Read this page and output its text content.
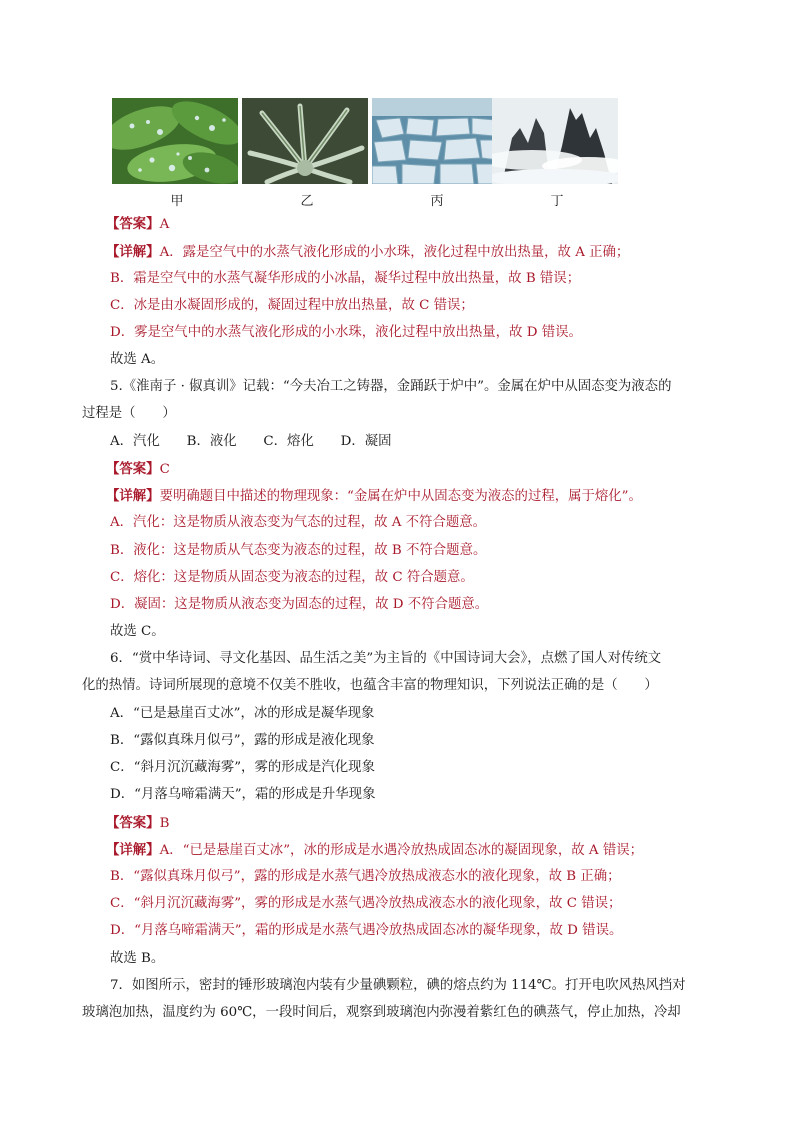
甲	乙	丙	丁
【答案】A
【详解】A．露是空气中的水蒸气液化形成的小水珠，液化过程中放出热量，故 A 正确；
B．霜是空气中的水蒸气凝华形成的小冰晶，凝华过程中放出热量，故 B 错误；
C．冰是由水凝固形成的，凝固过程中放出热量，故 C 错误；
D．雾是空气中的水蒸气液化形成的小水珠，液化过程中放出热量，故 D 错误。
故选 A。
5.《淮南子 · 俶真训》记载：“今夫冶工之铸器，金踊跃于炉中”。金属在炉中从固态变为液态的
过程是（　　）
A．汽化　　B．液化　　C．熔化　　D．凝固
【答案】C
【详解】要明确题目中描述的物理现象：“金属在炉中从固态变为液态的过程，属于熔化”。
A．汽化：这是物质从液态变为气态的过程，故 A 不符合题意。
B．液化：这是物质从气态变为液态的过程，故 B 不符合题意。
C．熔化：这是物质从固态变为液态的过程，故 C 符合题意。
D．凝固：这是物质从液态变为固态的过程，故 D 不符合题意。
故选 C。
6．“赏中华诗词、寻文化基因、品生活之美”为主旨的《中国诗词大会》，点燃了国人对传统文
化的热情。诗词所展现的意境不仅美不胜收，也蕴含丰富的物理知识，下列说法正确的是（　　）
A．“已是悬崖百丈冰”，冰的形成是凝华现象
B．“露似真珠月似弓”，露的形成是液化现象
C．“斜月沉沉藏海雾”，雾的形成是汽化现象
D．“月落乌啼霜满天”，霜的形成是升华现象
【答案】B
【详解】A．“已是悬崖百丈冰”，冰的形成是水遇冷放热成固态冰的凝固现象，故 A 错误；
B．“露似真珠月似弓”，露的形成是水蒸气遇冷放热成液态水的液化现象，故 B 正确；
C．“斜月沉沉藏海雾”，雾的形成是水蒸气遇冷放热成液态水的液化现象，故 C 错误；
D．“月落乌啼霜满天”，霜的形成是水蒸气遇冷放热成固态冰的凝华现象，故 D 错误。
故选 B。
7．如图所示，密封的锤形玻璃泡内装有少量碘颗粒，碘的熔点约为 114℃。打开电吹风热风挡对
玻璃泡加热，温度约为 60℃，一段时间后，观察到玻璃泡内弥漫着紫红色的碘蒸气，停止加热，冷却
